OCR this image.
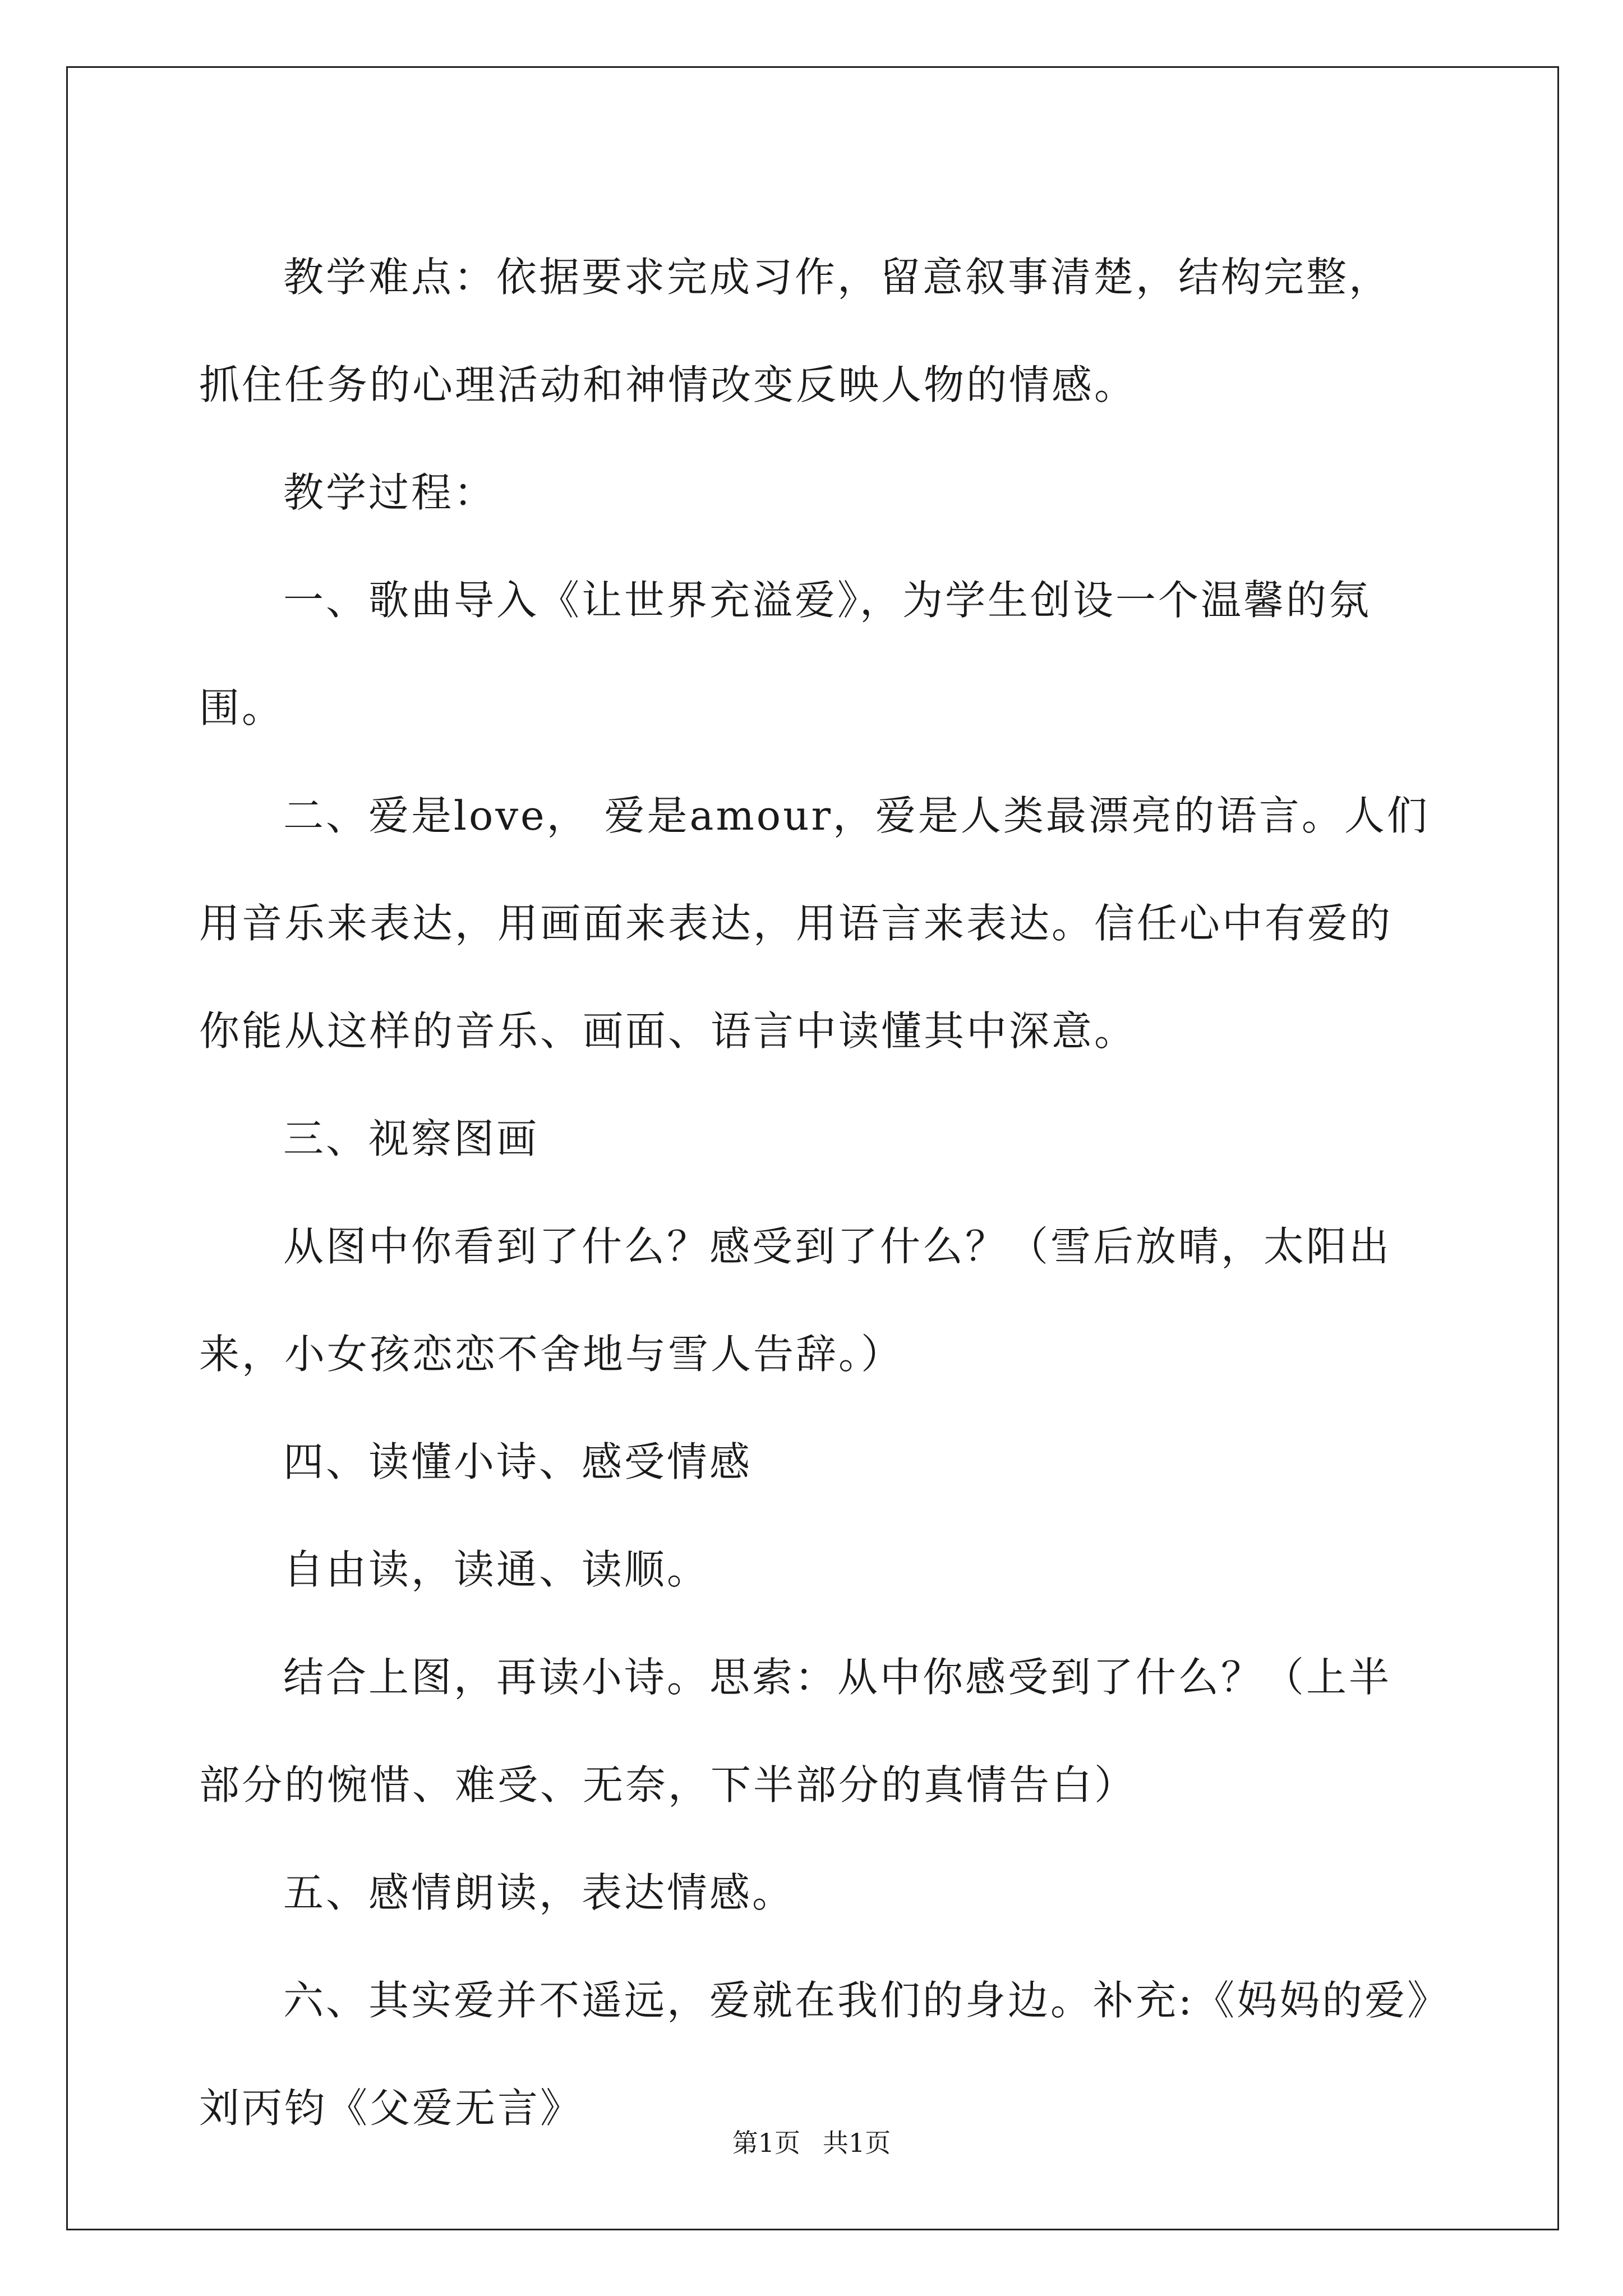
教学难点：依据要求完成习作，留意叙事清楚，结构完整，抓住任务的心理活动和神情改变反映人物的情感。

教学过程：

一、歌曲导入《让世界充溢爱》，为学生创设一个温馨的氛围。

二、爱是love， 爱是amour，爱是人类最漂亮的语言。人们用音乐来表达，用画面来表达，用语言来表达。信任心中有爱的你能从这样的音乐、画面、语言中读懂其中深意。

三、视察图画

从图中你看到了什么？感受到了什么？（雪后放晴，太阳出来，小女孩恋恋不舍地与雪人告辞。）

四、读懂小诗、感受情感

自由读，读通、读顺。

结合上图，再读小诗。思索：从中你感受到了什么？（上半部分的惋惜、难受、无奈，下半部分的真情告白）

五、感情朗读，表达情感。

六、其实爱并不遥远，爱就在我们的身边。补充:《妈妈的爱》刘丙钧《父爱无言》

第1页 共1页
